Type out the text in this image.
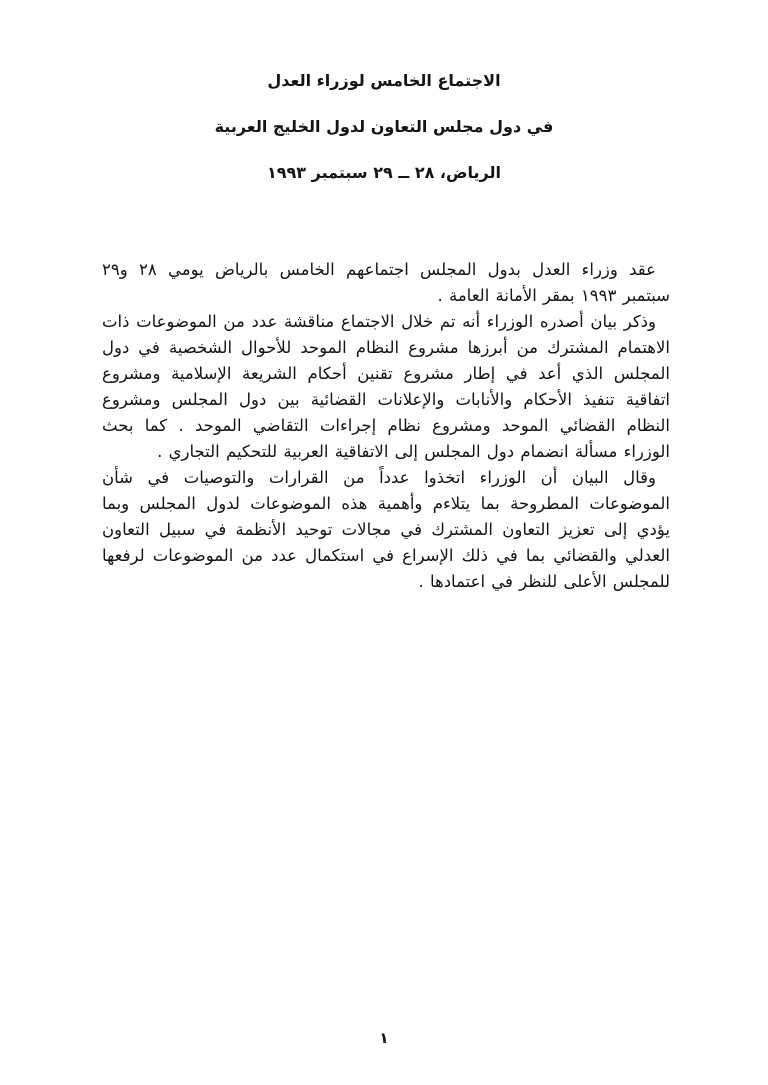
الاجتماع الخامس لوزراء العدل
في دول مجلس التعاون لدول الخليج العربية
الرياض، ٢٨ ــ ٢٩ سبتمبر ١٩٩٣

عقد وزراء العدل بدول المجلس اجتماعهم الخامس بالرياض يومي ٢٨ و٢٩ سبتمبر ١٩٩٣ بمقر الأمانة العامة .

وذكر بيان أصدره الوزراء أنه تم خلال الاجتماع مناقشة عدد من الموضوعات ذات الاهتمام المشترك من أبرزها مشروع النظام الموحد للأحوال الشخصية في دول المجلس الذي أعد في إطار مشروع تقنين أحكام الشريعة الإسلامية ومشروع اتفاقية تنفيذ الأحكام والأنابات والإعلانات القضائية بين دول المجلس ومشروع النظام القضائي الموحد ومشروع نظام إجراءات التقاضي الموحد . كما بحث الوزراء مسألة انضمام دول المجلس إلى الاتفاقية العربية للتحكيم التجاري .

وقال البيان أن الوزراء اتخذوا عدداً من القرارات والتوصيات في شأن الموضوعات المطروحة بما يتلاءم وأهمية هذه الموضوعات لدول المجلس وبما يؤدي إلى تعزيز التعاون المشترك في مجالات توحيد الأنظمة في سبيل التعاون العدلي والقضائي بما في ذلك الإسراع في استكمال عدد من الموضوعات لرفعها للمجلس الأعلى للنظر في اعتمادها .

١
